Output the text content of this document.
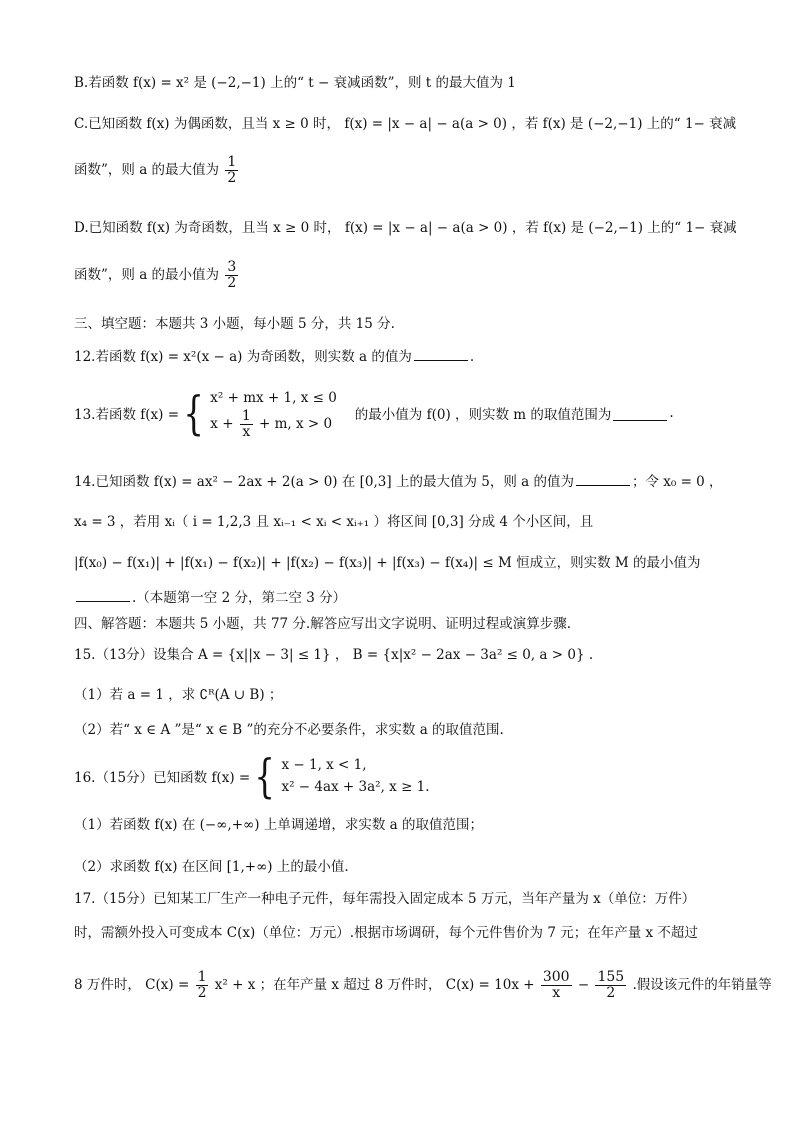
B.若函数 f(x) = x² 是 (−2,−1) 上的“ t − 衰减函数”，则 t 的最大值为 1
C.已知函数 f(x) 为偶函数，且当 x ≥ 0 时， f(x) = |x − a| − a(a > 0) ，若 f(x) 是 (−2,−1) 上的“ 1− 衰减
函数”，则 a 的最大值为 $\frac{1}{2}$
D.已知函数 f(x) 为奇函数，且当 x ≥ 0 时， f(x) = |x − a| − a(a > 0) ，若 f(x) 是 (−2,−1) 上的“ 1− 衰减
函数”，则 a 的最小值为 $\frac{3}{2}$
三、填空题：本题共 3 小题，每小题 5 分，共 15 分.
12.若函数 f(x) = x²(x − a) 为奇函数，则实数 a 的值为	.
13.若函数 f(x) = { x² + mx + 1, x ≤ 0
$x + \frac{1}{x} + m$, x > 0
的最小值为 f(0) ，则实数 m 的取值范围为	.
14.已知函数 f(x) = ax² − 2ax + 2(a > 0) 在 [0,3] 上的最大值为 5，则 a 的值为	；令 x₀ = 0 ，
x₄ = 3 ，若用 xᵢ（ i = 1,2,3 且 xᵢ₋₁ < xᵢ < xᵢ₊₁ ）将区间 [0,3] 分成 4 个小区间，且
|f(x₀) − f(x₁)| + |f(x₁) − f(x₂)| + |f(x₂) − f(x₃)| + |f(x₃) − f(x₄)| ≤ M 恒成立，则实数 M 的最小值为
.（本题第一空 2 分，第二空 3 分）
四、解答题：本题共 5 小题，共 77 分.解答应写出文字说明、证明过程或演算步骤.
15.（13分）设集合 A = {x||x − 3| ≤ 1} ， B = {x|x² − 2ax − 3a² ≤ 0, a > 0} .
（1）若 a = 1 ，求 ∁ᴿ(A ∪ B) ；
（2）若“ x ∈ A ”是“ x ∈ B ”的充分不必要条件，求实数 a 的取值范围.
16.（15分）已知函数 f(x) = { x − 1, x < 1,
x² − 4ax + 3a², x ≥ 1.
（1）若函数 f(x) 在 (−∞,+∞) 上单调递增，求实数 a 的取值范围；
（2）求函数 f(x) 在区间 [1,+∞) 上的最小值.
17.（15分）已知某工厂生产一种电子元件，每年需投入固定成本 5 万元，当年产量为 x（单位：万件）
时，需额外投入可变成本 C(x)（单位：万元）.根据市场调研，每个元件售价为 7 元；在年产量 x 不超过
8 万件时， $C(x) = \frac{1}{2} x^2 + x$ ；在年产量 x 超过 8 万件时， $C(x) = 10x + \frac{300}{x} - \frac{155}{2}$ .假设该元件的年销量等
